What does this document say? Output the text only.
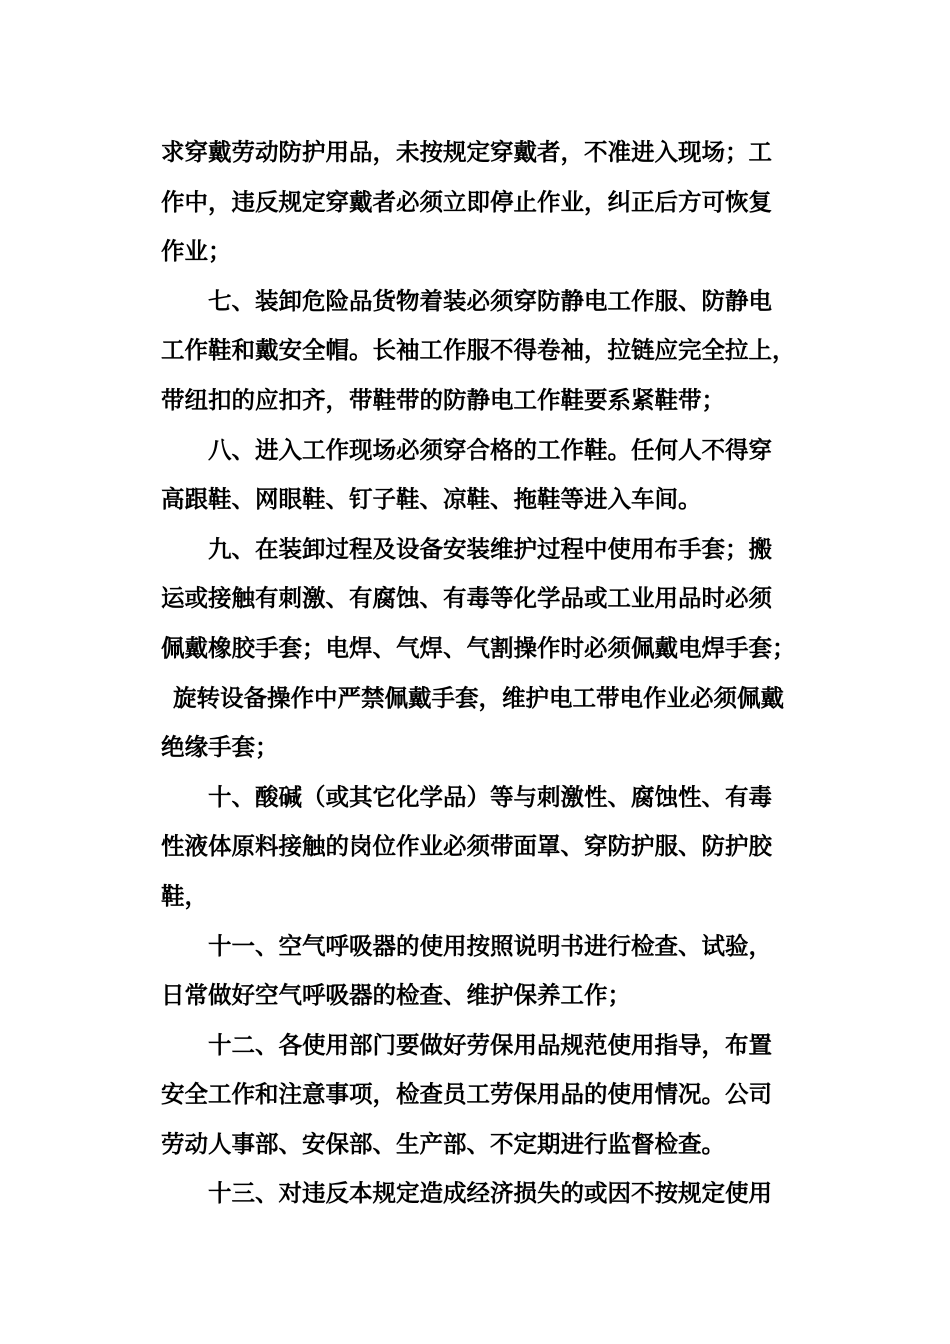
求穿戴劳动防护用品，未按规定穿戴者，不准进入现场；工
作中，违反规定穿戴者必须立即停止作业，纠正后方可恢复
作业；
七、装卸危险品货物着装必须穿防静电工作服、防静电
工作鞋和戴安全帽。长袖工作服不得卷袖，拉链应完全拉上，
带纽扣的应扣齐，带鞋带的防静电工作鞋要系紧鞋带；
八、进入工作现场必须穿合格的工作鞋。任何人不得穿
高跟鞋、网眼鞋、钉子鞋、凉鞋、拖鞋等进入车间。
九、在装卸过程及设备安装维护过程中使用布手套；搬
运或接触有刺激、有腐蚀、有毒等化学品或工业用品时必须
佩戴橡胶手套；电焊、气焊、气割操作时必须佩戴电焊手套；
旋转设备操作中严禁佩戴手套，维护电工带电作业必须佩戴
绝缘手套；
十、酸碱（或其它化学品）等与刺激性、腐蚀性、有毒
性液体原料接触的岗位作业必须带面罩、穿防护服、防护胶
鞋，
十一、空气呼吸器的使用按照说明书进行检查、试验，
日常做好空气呼吸器的检查、维护保养工作；
十二、各使用部门要做好劳保用品规范使用指导，布置
安全工作和注意事项，检查员工劳保用品的使用情况。公司
劳动人事部、安保部、生产部、不定期进行监督检查。
十三、对违反本规定造成经济损失的或因不按规定使用
